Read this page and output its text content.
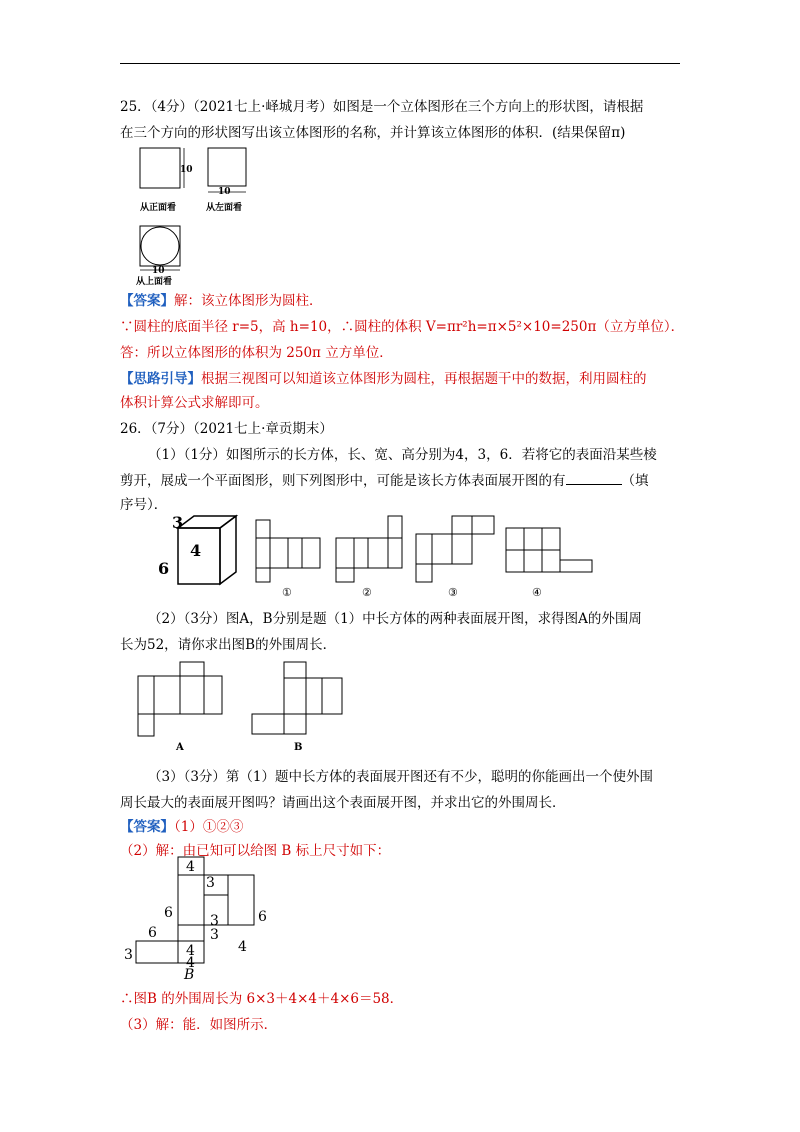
25．（4分）（2021七上·峄城月考）如图是一个立体图形在三个方向上的形状图，请根据
在三个方向的形状图写出该立体图形的名称，并计算该立体图形的体积．(结果保留π)
10
从正面看
10
从左面看
10
从上面看
【答案】解：该立体图形为圆柱．
∵圆柱的底面半径 r=5，高 h=10，∴圆柱的体积 V=πr²h=π×5²×10=250π（立方单位）．
答：所以立体图形的体积为 250π 立方单位．
【思路引导】根据三视图可以知道该立体图形为圆柱，再根据题干中的数据，利用圆柱的
体积计算公式求解即可。
26．（7分）（2021七上·章贡期末）
（1）（1分）如图所示的长方体，长、宽、高分别为4，3，6．若将它的表面沿某些棱
剪开，展成一个平面图形，则下列图形中，可能是该长方体表面展开图的有	（填
序号）．
3
4
6
①	②	③	④
（2）（3分）图A，B分别是题（1）中长方体的两种表面展开图，求得图A的外围周
长为52，请你求出图B的外围周长．
A	B
（3）（3分）第（1）题中长方体的表面展开图还有不少，聪明的你能画出一个使外围
周长最大的表面展开图吗？请画出这个表面展开图，并求出它的外围周长．
【答案】（1）①②③
（2）解：由已知可以给图 B 标上尺寸如下：
4
3
6
6
6
3
4
3
4
4
3
B
∴图B 的外围周长为 6×3＋4×4＋4×6＝58．
（3）解：能．如图所示．
